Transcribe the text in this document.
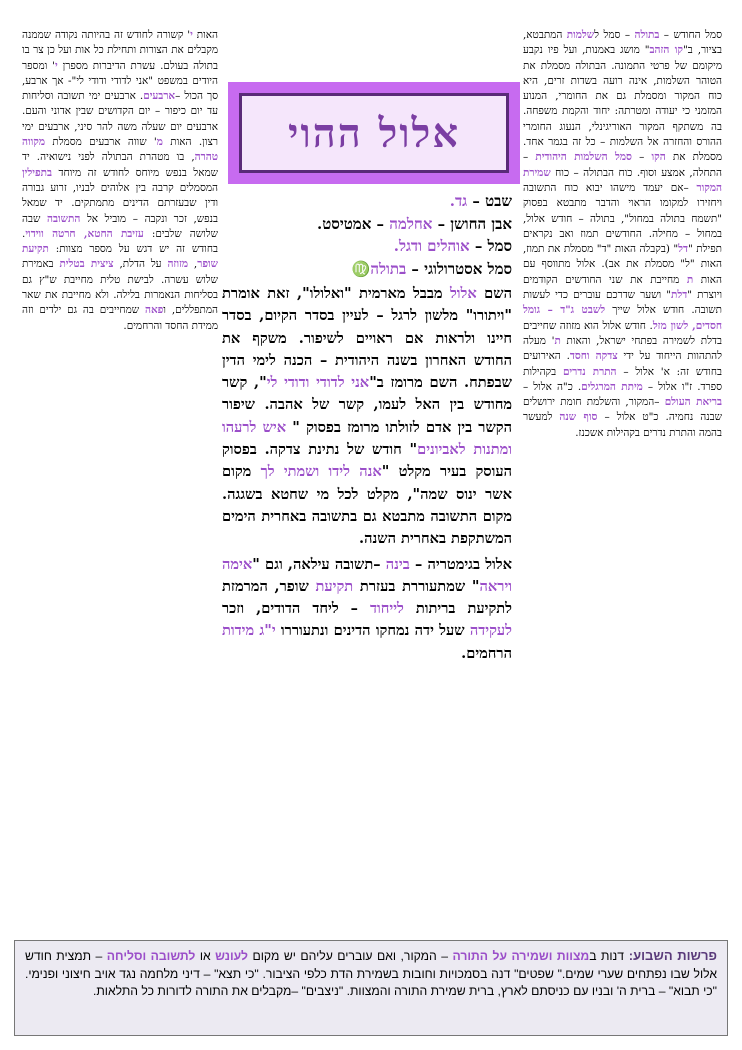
האות י' קשורה לחודש זה בהיותה נקודה שממנה מקבלים את הצורות ותחילת כל אות ועל כן צר בו בתולה בעולם. עשרת הדיברות מספרן י' ומספר היודים במשפט "אני לדודי ודודי לי"- אך ארבע, סך הכול –ארבעים. ארבעים ימי תשובה וסליחות עד יום כיפור – יום הקדושים שבין אדוני והעם. ארבעים יום שעלה משה להר סיני, ארבעים ימי רצון. האות מ' שווה ארבעים מסמלת מקווה טהרה, בו מטהרת הבתולה לפני נישואיה. יד שמאל בנפש מיוחס לחודש זה מיוחד בתפילין המסמלים קרבה בין אלוהים לבניו, זרוע גבורה ודין שבעזרתם הדינים מתמתקים. יד שמאל בנפש, זכר ונקבה – מוביל אל התשובה שבה שלושה שלבים: עזיבת החטא, חרטה ווידוי. בחודש זה יש דגש על מספר מצוות: תקיעת שופר, מזוזה על הדלת, ציצית בטלית באמירת שלוש עשרה. לבישת טלית מחייבת ש"ץ גם בסליחות הנאמרות בלילה. ולא מחייבת את שאר המתפללים, ופאה שמחייבים בה גם ילדים וזה ממידת החסד והרחמים.
סמל החודש – בתולה – סמל לשלמות המתבטא, בציור, ב"קו הזהב" מושג באמנות, ועל פיו נקבע מיקומם של פרטי התמונה. הבתולה מסמלת את הטוהר השלמות, אינה רועה בשדות זרים, היא כוח המקור ומסמלת גם את החומרי, המנוע המזמני כי יעודה ומטרתה: יחוד והקמת משפחה. בה משתקף המקור האוריגינלי, הנעוג החומרי ההורס והחזרה אל השלמות – כל זה בגמר אחד. מסמלת את הקו – סמל השלמות היהודית – התחלה, אמצע וסוף. כוח הבתולה – כוח שמירת המקור –אם יעמד מישהו יבוא כוח התשובה ויחזירו למקומו הראוי והדבר מתבטא בפסוק "תשמח בתולה במחול", בתולה – חודש אלול, במחול – מחילה. החודשים תמוז ואב נקראים תפילת "דל" (בקבלה האות "ד" מסמלת את תמוז, האות "ל" מסמלת את אב). אלול מתווסף עם האות ת מחייבת את שני החודשים הקודמים ויוצרת "דלת" ושער שדרכם עוברים כדי לעשות תשובה. חודש אלול שייך לשבט ג"ד – גומל חסדים, לשון מזל. חודש אלול הוא מזוזה שחייבים בדלת לשמירה בפתחי ישראל, והאות ת' מעלה להתהוות הייחוד על ידי צדקה וחסד. האירועים בחודש זה: א' אלול – התרת נדרים בקהילות ספרד. ז"ו אלול – מיתת המרגלים. כ"ה אלול – בריאת העולם –המקור, והשלמת חומת ירושלים שבנה נחמיה. כ"ט אלול – סוף שנה למעשר בהמה והתרת נדרים בקהילות אשכנז.
אלול ההוי
שבט – גד.
אבן החושן – אחלמה – אמטיסט.
סמל – אוהלים ודגל.
סמל אסטרולוגי – בתולה♍

השם אלול מבבל מארמית "ואלולו", זאת אומרת "ויתורו" מלשון לרגל – לעיין בסדר הקיום, בסדר חיינו ולראות אם ראויים לשיפור. משקף את החודש האחרון בשנה היהודית – הכנה לימי הדין שבפתח. השם מרומז ב"אני לדודי ודודי לי", קשר מחודש בין האל לעמו, קשר של אהבה. שיפור הקשר בין אדם לזולתו מרומז בפסוק " איש לרעהו ומתנות לאביונים" חודש של נתינת צדקה. בפסוק העוסק בעיר מקלט "אנה לידו ושמתי לך מקום אשר ינוס שמה", מקלט לכל מי שחטא בשגגה. מקום התשובה מתבטא גם בתשובה באחרית הימים המשתקפת באחרית השנה.

אלול בגימטריה – בינה –תשובה עילאה, וגם "אימה ויראה" שמתעוררת בעזרת תקיעת שופר, המרמזת לתקיעת בריתות לייחוד – ליחד הדודים, וזכר לעקידה שעל ידה נמחקו הדינים ונתעוררו י"ג מידות הרחמים.

פרשות השבוע: דנות במצוות ושמירה על התורה – המקור, ואם עוברים עליהם יש מקום לעונש או לתשובה וסליחה – תמצית חודש אלול שבו נפתחים שערי שמים." שפטים" דנה בסמכויות וחובות בשמירת הדת כלפי הציבור. "כי תצא" – דיני מלחמה נגד אויב חיצוני ופנימי. "כי תבוא" – ברית ה' ובניו עם כניסתם לארץ, ברית שמירת התורה והמצוות. "ניצבים" –מקבלים את התורה לדורות כל התלאות.
